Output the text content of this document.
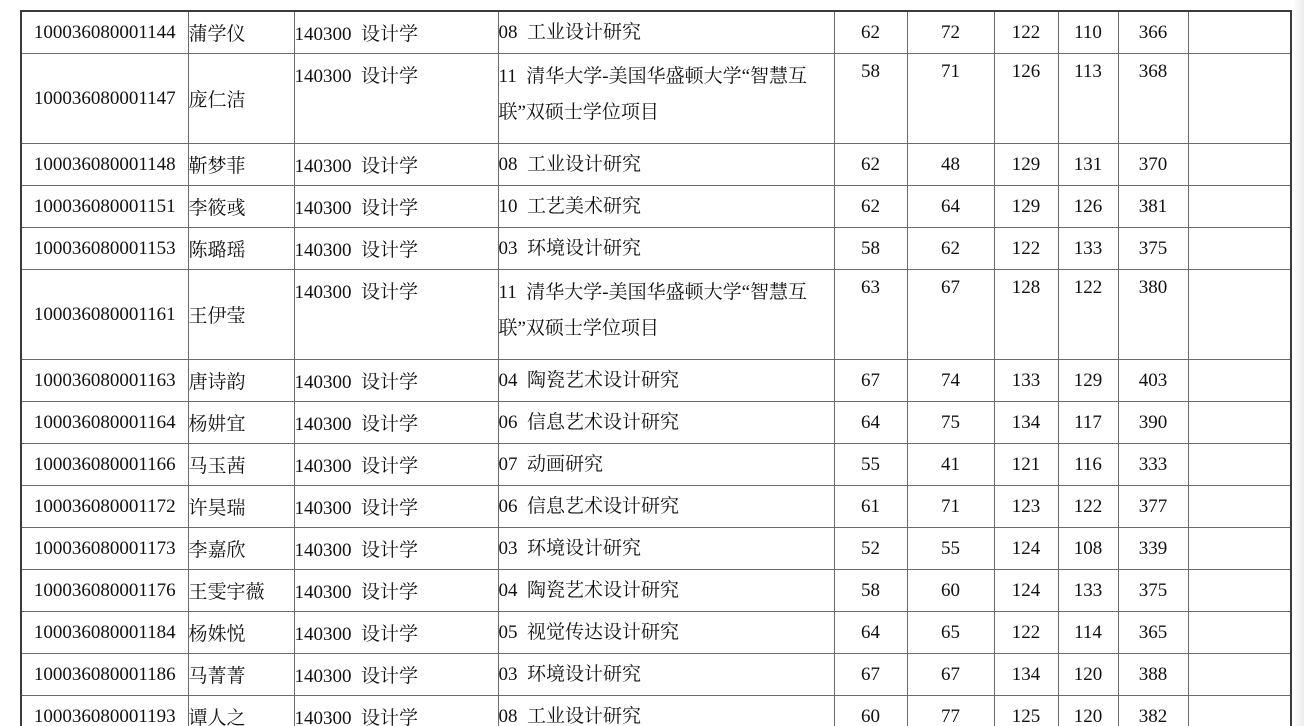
100036080001144	蒲学仪	140300  设计学	08  工业设计研究	62	72	122	110	366	
100036080001147	庞仁洁	140300  设计学	11  清华大学-美国华盛顿大学“智慧互联”双硕士学位项目	58	71	126	113	368	
100036080001148	靳梦菲	140300  设计学	08  工业设计研究	62	48	129	131	370	
100036080001151	李筱彧	140300  设计学	10  工艺美术研究	62	64	129	126	381	
100036080001153	陈璐瑶	140300  设计学	03  环境设计研究	58	62	122	133	375	
100036080001161	王伊莹	140300  设计学	11  清华大学-美国华盛顿大学“智慧互联”双硕士学位项目	63	67	128	122	380	
100036080001163	唐诗韵	140300  设计学	04  陶瓷艺术设计研究	67	74	133	129	403	
100036080001164	杨妌宜	140300  设计学	06  信息艺术设计研究	64	75	134	117	390	
100036080001166	马玉茜	140300  设计学	07  动画研究	55	41	121	116	333	
100036080001172	许昊瑞	140300  设计学	06  信息艺术设计研究	61	71	123	122	377	
100036080001173	李嘉欣	140300  设计学	03  环境设计研究	52	55	124	108	339	
100036080001176	王雯宇薇	140300  设计学	04  陶瓷艺术设计研究	58	60	124	133	375	
100036080001184	杨姝悦	140300  设计学	05  视觉传达设计研究	64	65	122	114	365	
100036080001186	马菁菁	140300  设计学	03  环境设计研究	67	67	134	120	388	
100036080001193	谭人之	140300  设计学	08  工业设计研究	60	77	125	120	382	
